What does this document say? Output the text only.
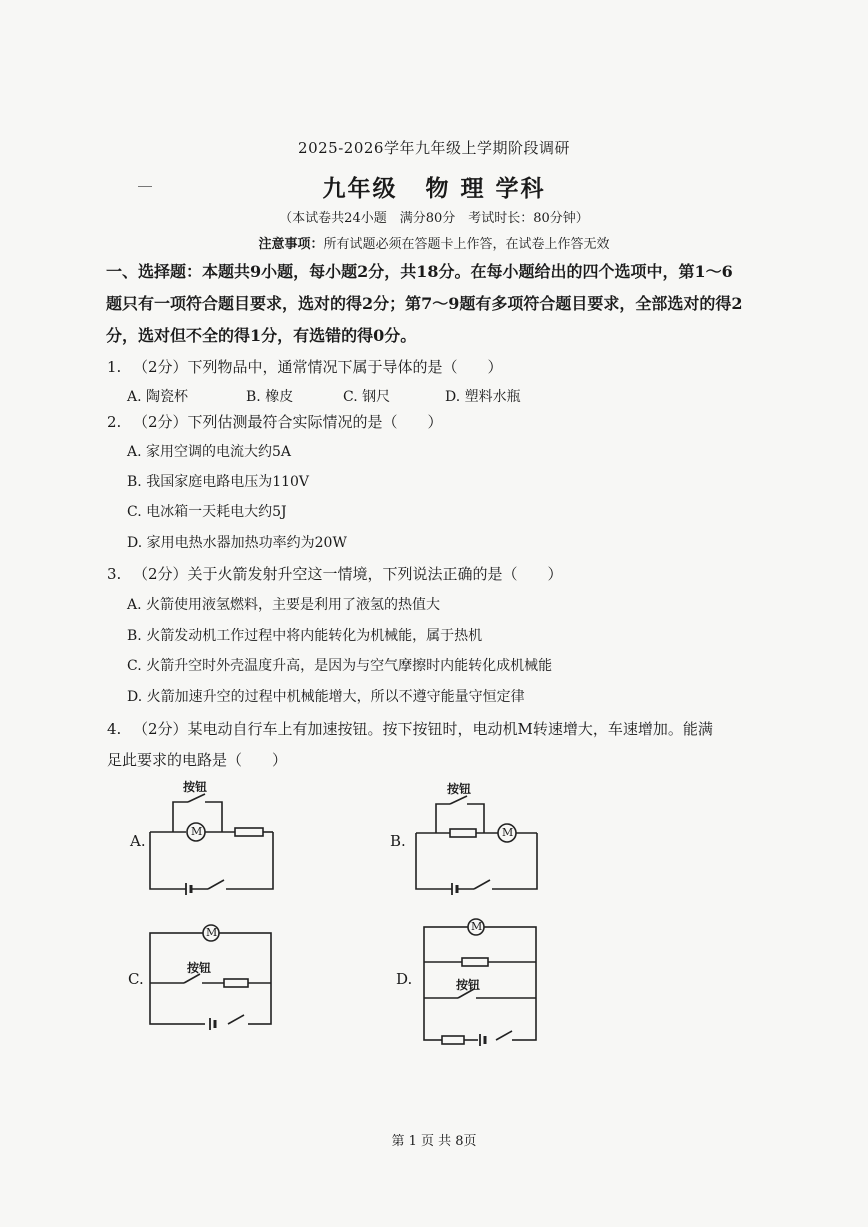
2025-2026学年九年级上学期阶段调研
九年级 物 理 学科
（本试卷共24小题　满分80分　考试时长：80分钟）
注意事项：所有试题必须在答题卡上作答，在试卷上作答无效
一、选择题：本题共9小题，每小题2分，共18分。在每小题给出的四个选项中，第1～6题只有一项符合题目要求，选对的得2分；第7～9题有多项符合题目要求，全部选对的得2分，选对但不全的得1分，有选错的得0分。
1. （2分）下列物品中，通常情况下属于导体的是（　　）
A. 陶瓷杯	B. 橡皮	C. 钢尺	D. 塑料水瓶
2. （2分）下列估测最符合实际情况的是（　　）
A. 家用空调的电流大约5A
B. 我国家庭电路电压为110V
C. 电冰箱一天耗电大约5J
D. 家用电热水器加热功率约为20W
3. （2分）关于火箭发射升空这一情境，下列说法正确的是（　　）
A. 火箭使用液氢燃料，主要是利用了液氢的热值大
B. 火箭发动机工作过程中将内能转化为机械能，属于热机
C. 火箭升空时外壳温度升高，是因为与空气摩擦时内能转化成机械能
D. 火箭加速升空的过程中机械能增大，所以不遵守能量守恒定律
4. （2分）某电动自行车上有加速按钮。按下按钮时，电动机M转速增大，车速增加。能满
足此要求的电路是（　　）
A.	B.
C.	D.
M	M
M	M
按钮	按钮
按钮
按钮
第 1 页 共 8页
